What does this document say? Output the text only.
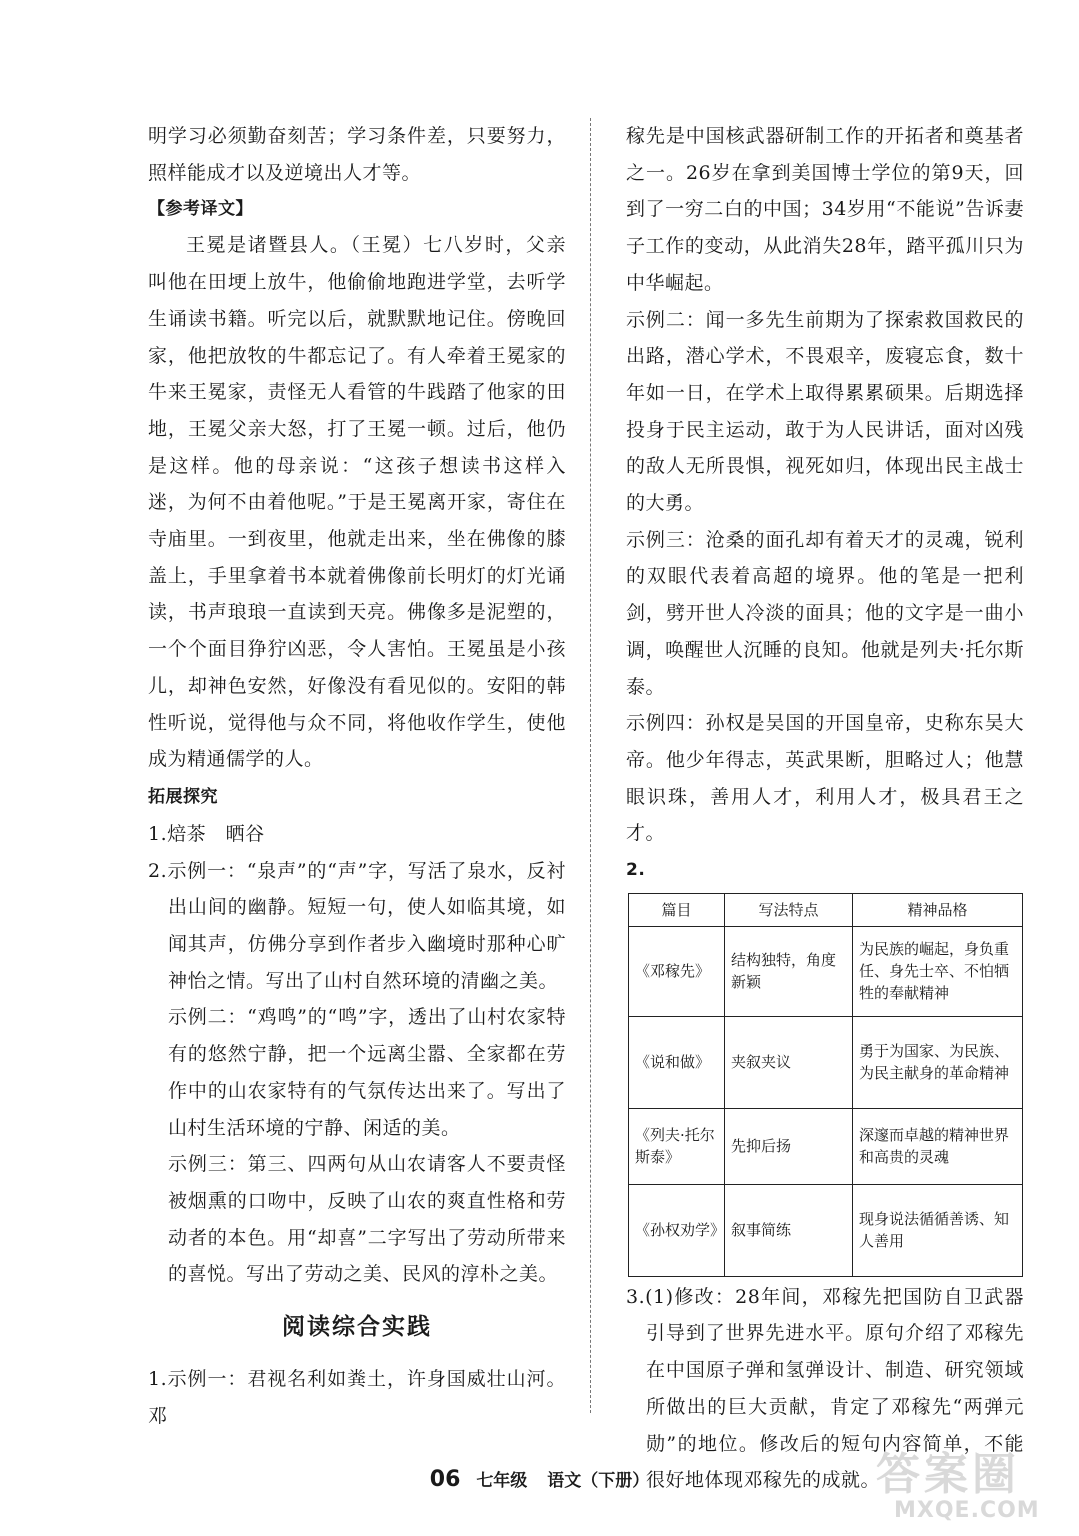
明学习必须勤奋刻苦；学习条件差，只要努力，照样能成才以及逆境出人才等。

【参考译文】

王冕是诸暨县人。（王冕）七八岁时，父亲叫他在田埂上放牛，他偷偷地跑进学堂，去听学生诵读书籍。听完以后，就默默地记住。傍晚回家，他把放牧的牛都忘记了。有人牵着王冕家的牛来王冕家，责怪无人看管的牛践踏了他家的田地，王冕父亲大怒，打了王冕一顿。过后，他仍是这样。他的母亲说：“这孩子想读书这样入迷，为何不由着他呢。”于是王冕离开家，寄住在寺庙里。一到夜里，他就走出来，坐在佛像的膝盖上，手里拿着书本就着佛像前长明灯的灯光诵读，书声琅琅一直读到天亮。佛像多是泥塑的，一个个面目狰狞凶恶，令人害怕。王冕虽是小孩儿，却神色安然，好像没有看见似的。安阳的韩性听说，觉得他与众不同，将他收作学生，使他成为精通儒学的人。

拓展探究

1.焙茶　晒谷

2.示例一：“泉声”的“声”字，写活了泉水，反衬出山间的幽静。短短一句，使人如临其境，如闻其声，仿佛分享到作者步入幽境时那种心旷神怡之情。写出了山村自然环境的清幽之美。

示例二：“鸡鸣”的“鸣”字，透出了山村农家特有的悠然宁静，把一个远离尘嚣、全家都在劳作中的山农家特有的气氛传达出来了。写出了山村生活环境的宁静、闲适的美。

示例三：第三、四两句从山农请客人不要责怪被烟熏的口吻中，反映了山农的爽直性格和劳动者的本色。用“却喜”二字写出了劳动所带来的喜悦。写出了劳动之美、民风的淳朴之美。

阅读综合实践

1.示例一：君视名利如粪土，许身国威壮山河。邓

稼先是中国核武器研制工作的开拓者和奠基者之一。26岁在拿到美国博士学位的第9天，回到了一穷二白的中国；34岁用“不能说”告诉妻子工作的变动，从此消失28年，踏平孤川只为中华崛起。

示例二：闻一多先生前期为了探索救国救民的出路，潜心学术，不畏艰辛，废寝忘食，数十年如一日，在学术上取得累累硕果。后期选择投身于民主运动，敢于为人民讲话，面对凶残的敌人无所畏惧，视死如归，体现出民主战士的大勇。

示例三：沧桑的面孔却有着天才的灵魂，锐利的双眼代表着高超的境界。他的笔是一把利剑，劈开世人冷淡的面具；他的文字是一曲小调，唤醒世人沉睡的良知。他就是列夫·托尔斯泰。

示例四：孙权是吴国的开国皇帝，史称东吴大帝。他少年得志，英武果断，胆略过人；他慧眼识珠，善用人才，利用人才，极具君王之才。

2.

篇目	写法特点	精神品格
《邓稼先》	结构独特，角度新颖	为民族的崛起，身负重任、身先士卒、不怕牺牲的奉献精神
《说和做》	夹叙夹议	勇于为国家、为民族、为民主献身的革命精神
《列夫·托尔斯泰》	先抑后扬	深邃而卓越的精神世界和高贵的灵魂
《孙权劝学》	叙事简练	现身说法循循善诱、知人善用

3.(1)修改：28年间，邓稼先把国防自卫武器引导到了世界先进水平。原句介绍了邓稼先在中国原子弹和氢弹设计、制造、研究领域所做出的巨大贡献，肯定了邓稼先“两弹元勋”的地位。修改后的短句内容简单，不能很好地体现邓稼先的成就。

06 七年级 语文（下册）	答案圈
MXQE.COM
